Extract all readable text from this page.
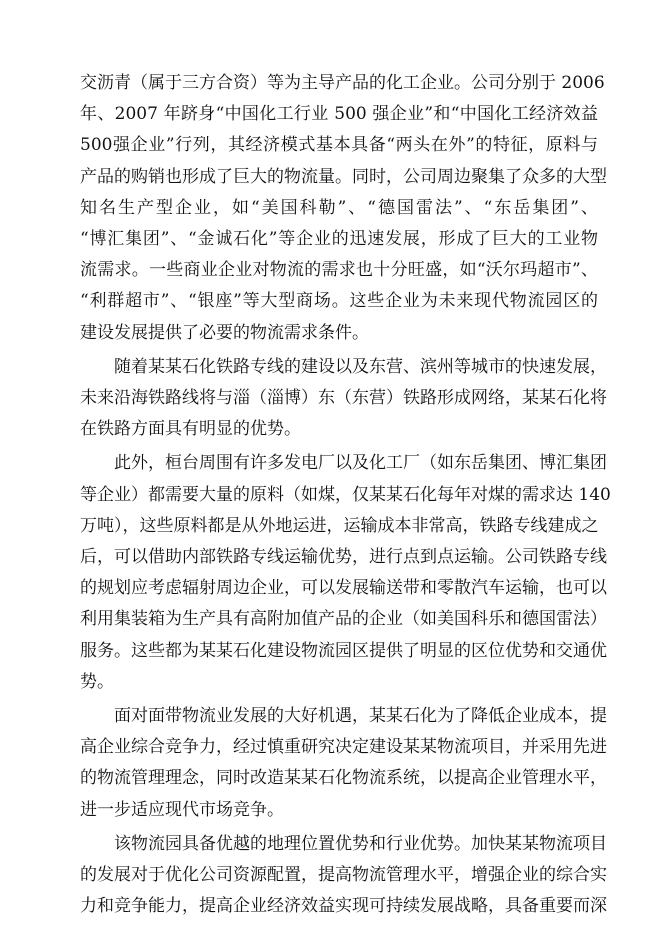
交沥青（属于三方合资）等为主导产品的化工企业。公司分别于 2006
年、2007 年跻身“中国化工行业 500 强企业”和“中国化工经济效益
500强企业”行列，其经济模式基本具备“两头在外”的特征，原料与
产品的购销也形成了巨大的物流量。同时，公司周边聚集了众多的大型
知名生产型企业，如“美国科勒”、“德国雷法”、“东岳集团”、
“博汇集团”、“金诚石化”等企业的迅速发展，形成了巨大的工业物
流需求。一些商业企业对物流的需求也十分旺盛，如“沃尔玛超市”、
“利群超市”、“银座”等大型商场。这些企业为未来现代物流园区的
建设发展提供了必要的物流需求条件。
随着某某石化铁路专线的建设以及东营、滨州等城市的快速发展，
未来沿海铁路线将与淄（淄博）东（东营）铁路形成网络，某某石化将
在铁路方面具有明显的优势。
此外，桓台周围有许多发电厂以及化工厂（如东岳集团、博汇集团
等企业）都需要大量的原料（如煤，仅某某石化每年对煤的需求达 140
万吨），这些原料都是从外地运进，运输成本非常高，铁路专线建成之
后，可以借助内部铁路专线运输优势，进行点到点运输。公司铁路专线
的规划应考虑辐射周边企业，可以发展输送带和零散汽车运输，也可以
利用集装箱为生产具有高附加值产品的企业（如美国科乐和德国雷法）
服务。这些都为某某石化建设物流园区提供了明显的区位优势和交通优
势。
面对面带物流业发展的大好机遇，某某石化为了降低企业成本，提
高企业综合竞争力，经过慎重研究决定建设某某物流项目，并采用先进
的物流管理理念，同时改造某某石化物流系统，以提高企业管理水平，
进一步适应现代市场竞争。
该物流园具备优越的地理位置优势和行业优势。加快某某物流项目
的发展对于优化公司资源配置，提高物流管理水平，增强企业的综合实
力和竞争能力，提高企业经济效益实现可持续发展战略，具备重要而深
